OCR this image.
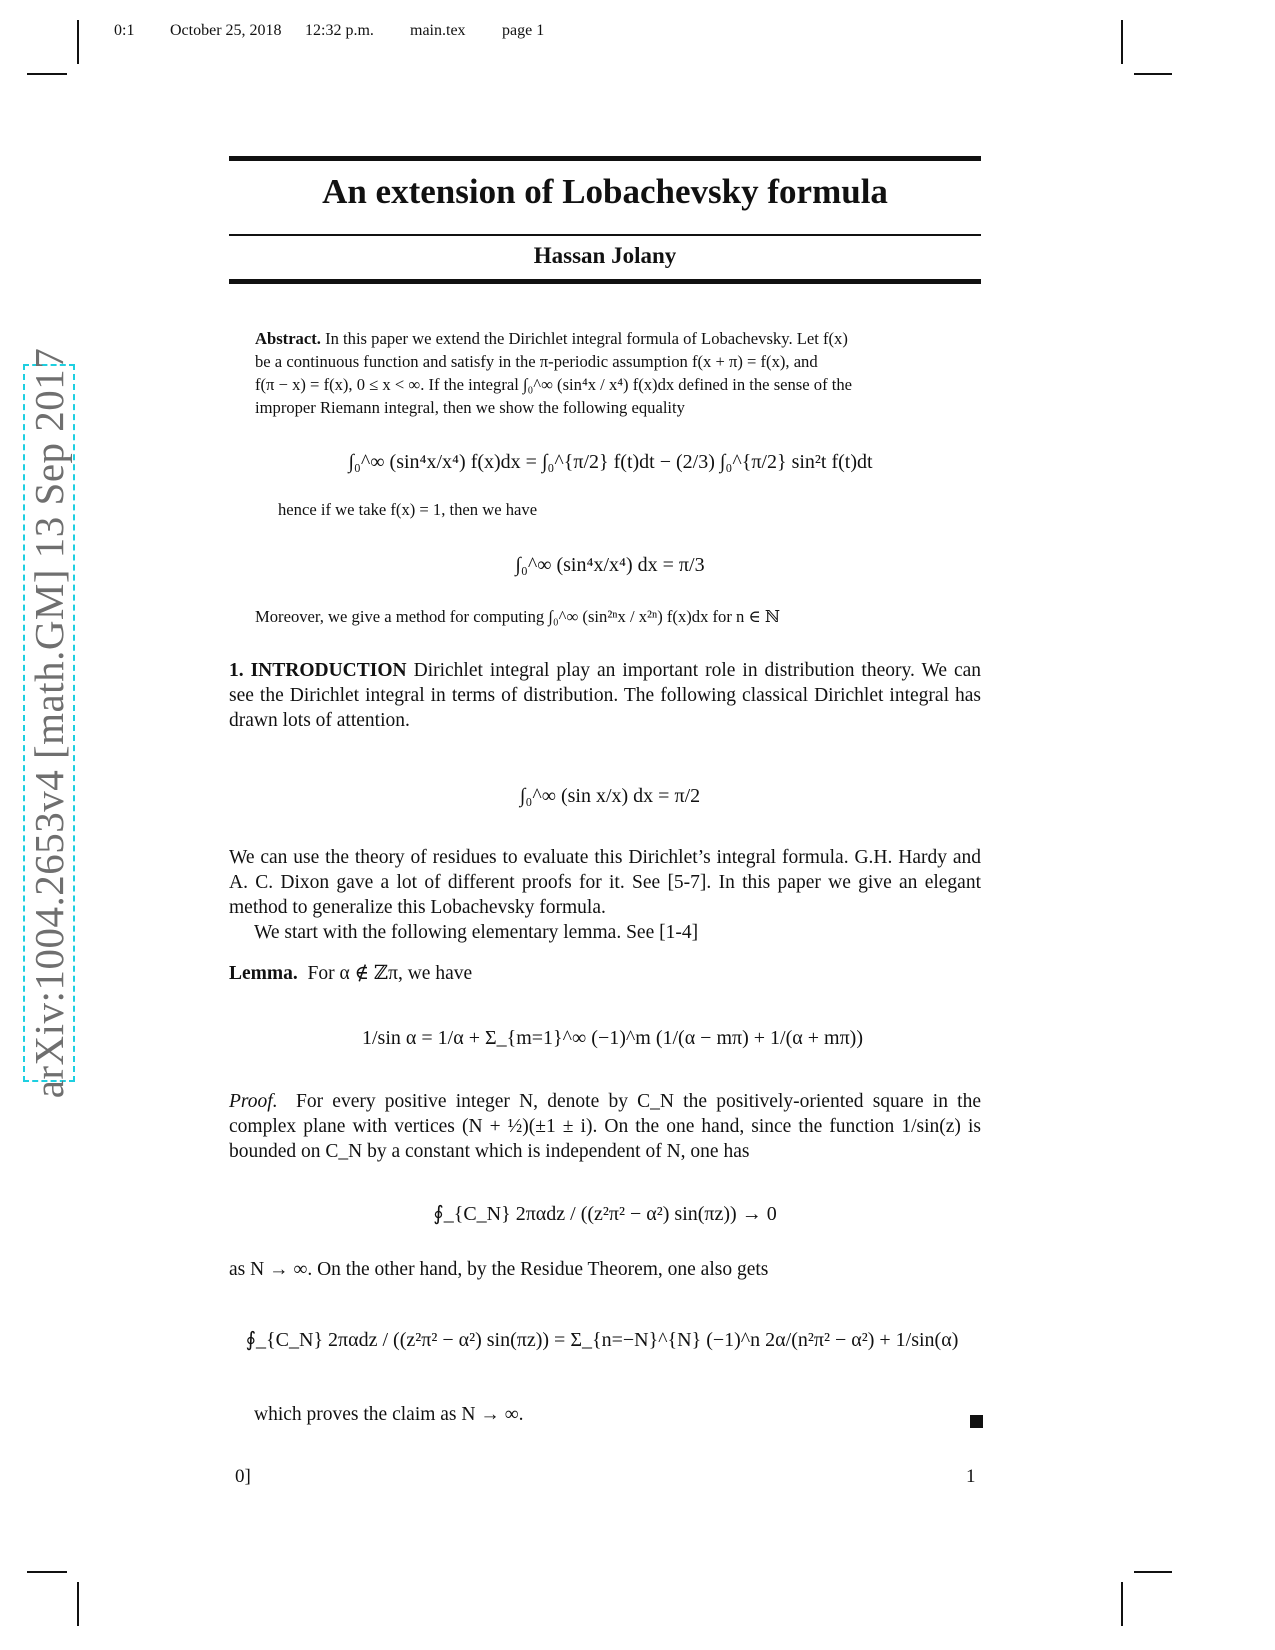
0:1 October 25, 2018 12:32 p.m. main.tex page 1
arXiv:1004.2653v4 [math.GM] 13 Sep 2017
An extension of Lobachevsky formula
Hassan Jolany
Abstract. In this paper we extend the Dirichlet integral formula of Lobachevsky. Let f(x)
be a continuous function and satisfy in the π-periodic assumption f(x + π) = f(x), and
f(π − x) = f(x), 0 ≤ x < ∞. If the integral ∫₀^∞ (sin⁴x / x⁴) f(x)dx defined in the sense of the
improper Riemann integral, then we show the following equality
∫₀^∞ (sin⁴x/x⁴) f(x)dx = ∫₀^{π/2} f(t)dt − (2/3) ∫₀^{π/2} sin²t f(t)dt
hence if we take f(x) = 1, then we have
∫₀^∞ (sin⁴x/x⁴) dx = π/3
Moreover, we give a method for computing ∫₀^∞ (sin²ⁿx / x²ⁿ) f(x)dx for n ∈ ℕ
1. INTRODUCTION Dirichlet integral play an important role in distribution theory. We can see the Dirichlet integral in terms of distribution. The following classical Dirichlet integral has drawn lots of attention.
∫₀^∞ (sin x/x) dx = π/2
We can use the theory of residues to evaluate this Dirichlet’s integral formula. G.H. Hardy and A. C. Dixon gave a lot of different proofs for it. See [5-7]. In this paper we give an elegant method to generalize this Lobachevsky formula.
We start with the following elementary lemma. See [1-4]
Lemma. For α ∉ ℤπ, we have
1/sin α = 1/α + Σ_{m=1}^∞ (−1)^m (1/(α − mπ) + 1/(α + mπ))
Proof. For every positive integer N, denote by C_N the positively-oriented square in the complex plane with vertices (N + ½)(±1 ± i). On the one hand, since the function 1/sin(z) is bounded on C_N by a constant which is independent of N, one has
∮_{C_N} 2παdz / ((z²π² − α²) sin(πz)) → 0
as N → ∞. On the other hand, by the Residue Theorem, one also gets
∮_{C_N} 2παdz / ((z²π² − α²) sin(πz)) = Σ_{n=−N}^{N} (−1)^n 2α/(n²π² − α²) + 1/sin(α)
which proves the claim as N → ∞.
0]	1
